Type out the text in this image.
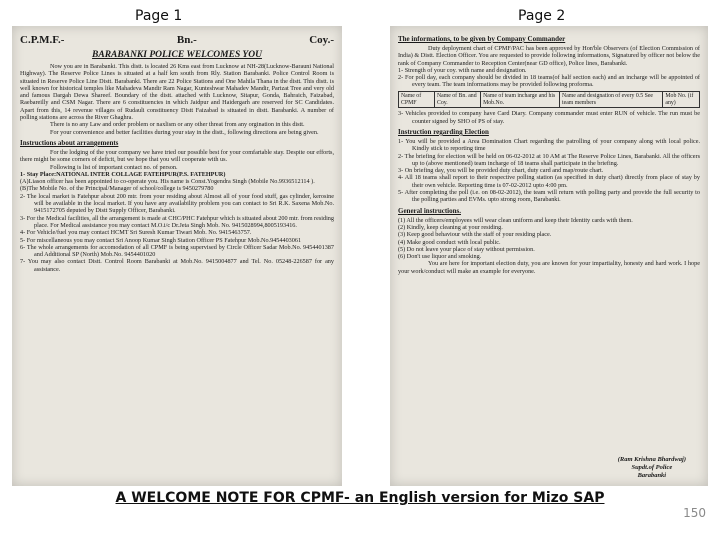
Page 1	Page 2
C.P.M.F.-	Bn.-	Coy.-
BARABANKI POLICE WELCOMES YOU

Now you are in Barabanki. This distt. is located 26 Kms east from Lucknow at NH-28(Lucknow-Barauni National Highway). The Reserve Police Lines is situated at a half km south from Rly. Station Barabanki. Police Control Room is situated in Reserve Police Line Distt. Barabanki. There are 22 Police Stations and One Mahila Thana in the distt. This distt. is well known for historical temples like Mahadeva Mandir Ram Nagar, Kunteshwar Mahadev Mandir, Parizat Tree and very old and famous Dargah Dewa Shareef. Boundary of the distt. attached with Lucknow, Sitapur, Gonda, Bahraich, Faizabad, Raebareilly and CSM Nagar. There are 6 constituencies in which Jaidpur and Haidergarh are reserved for SC Candidates. Apart from this, 14 revenue villages of Rudauli constituency Distt Faizabad is situated in distt. Barabanki. A number of polling stations are across the River Ghaghra.

There is no any Law and order problem or naxlism or any other threat from any orgination in this distt.

For your convenience and better facilities during your stay in the distt., following directions are being given.

Instructions about arrangements

For the lodging of the your company we have tried our possible best for your comfartable stay. Despite our efforts, there might be some corners of deficit, but we hope that you will cooperate with us.

Following is list of important contact no. of person.

1- Stay Place:NATIONAL INTER COLLAGE FATEHPUR(P.S. FATEHPUR)

(A)Liason officer has been appointed to co-operate you. His name is Const.Yogendra Singh (Mobile No.9936512114 ).

(B)The Mobile No. of the Principal/Manager of school/college is 9450279780

2- The local market is Fatehpur about 200 mtr. from your residing about Almost all of your food stuff, gas cylinder, kerosine will be available in the local market. If you have any availability problem you can contact to Sri R.K. Saxena Mob.No. 9415172705 deputed by Distt Supply Officer, Barabanki.

3- For the Medical facilities, all the arrangement is made at CHC/PHC Fatehpur which is situated about 200 mtr. from residing place. For Medical assistance you may contact M.O.i/c Dr.Jeta Singh Mob. No. 9415028994,8005193416.

4- For Vehicle/fuel you may contact HCMT Sri Suresh Kumar Tiwari Mob. No. 9415463757.

5- For miscellaneous you may contact Sri Anoop Kumar Singh Station Officer PS Fatehpur Mob.No.9454403061

6- The whole arrangements for accomodation of all CPMF is being supervised by Circle Officer Sadar Mob.No. 9454401387 and Additional SP (North) Mob.No. 9454401020

7- You may also contact Distt. Control Room Barabanki at Mob.No. 9415004877 and Tel. No. 05248-226587 for any assistance.

The informations, to be given by Company Commander

Duty deployment chart of CPMF/PAC has been approved by Hon'ble Observers (of Election Commission of India) & Distt. Election Officer. You are requested to provide following informations, Signatured by officer not below the rank of Company Commander to Reception Center(near GD office), Police lines, Barabanki.

1- Strength of your coy. with name and designation.

2- For poll day, each company should be divided in 18 teams(of half section each) and an incharge will be appointed of every team. The team informations may be provided following proforma.

Name of CPMF	Name of Bn. and Coy.	Name of team incharge and his Mob.No.	Name and designation of every 0.5 See team members	Mob No. (if any)

3- Vehicles provided to company have Card Diary. Company commander must enter RUN of vehicle. The run must be counter signed by SHO of PS of stay.

Instruction regarding Election

1- You will be provided a Area Domination Chart regarding the patrolling of your company along with local police. Kindly stick to reporting time

2- The briefing for election will be held on 06-02-2012 at 10 AM at The Reserve Police Lines, Barabanki. All the officers up to (above mentioned) team incharge of 18 teams shall participate in the briefing.

3- On briefing day, you will be provided duty chart, duty card and map/route chart.

4- All 18 teams shall report to their respective polling station (as specified in duty chart) directly from place of stay by their own vehicle. Reporting time is 07-02-2012 upto 4:00 pm.

5- After completing the poll (i.e. on 08-02-2012), the team will return with polling party and provide the full security to the polling parties and EVMs. upto strong room, Barabanki.

General instructions.

(1) All the officers/employees will wear clean uniform and keep their Identity cards with them.

(2) Kindly, keep cleaning at your residing.

(3) Keep good behaviour with the staff of your residing place.

(4) Make good conduct with local public.

(5) Do not leave your place of stay without permission.

(6) Don't use liquor and smoking.

You are here for important election duty, you are known for your impartiality, honesty and hard work. I hope your work/conduct will make an example for everyone.

(Ram Krishna Bhardwaj)
Supdt.of Police
Barabanki
A WELCOME NOTE FOR CPMF- an English version for Mizo SAP
150
